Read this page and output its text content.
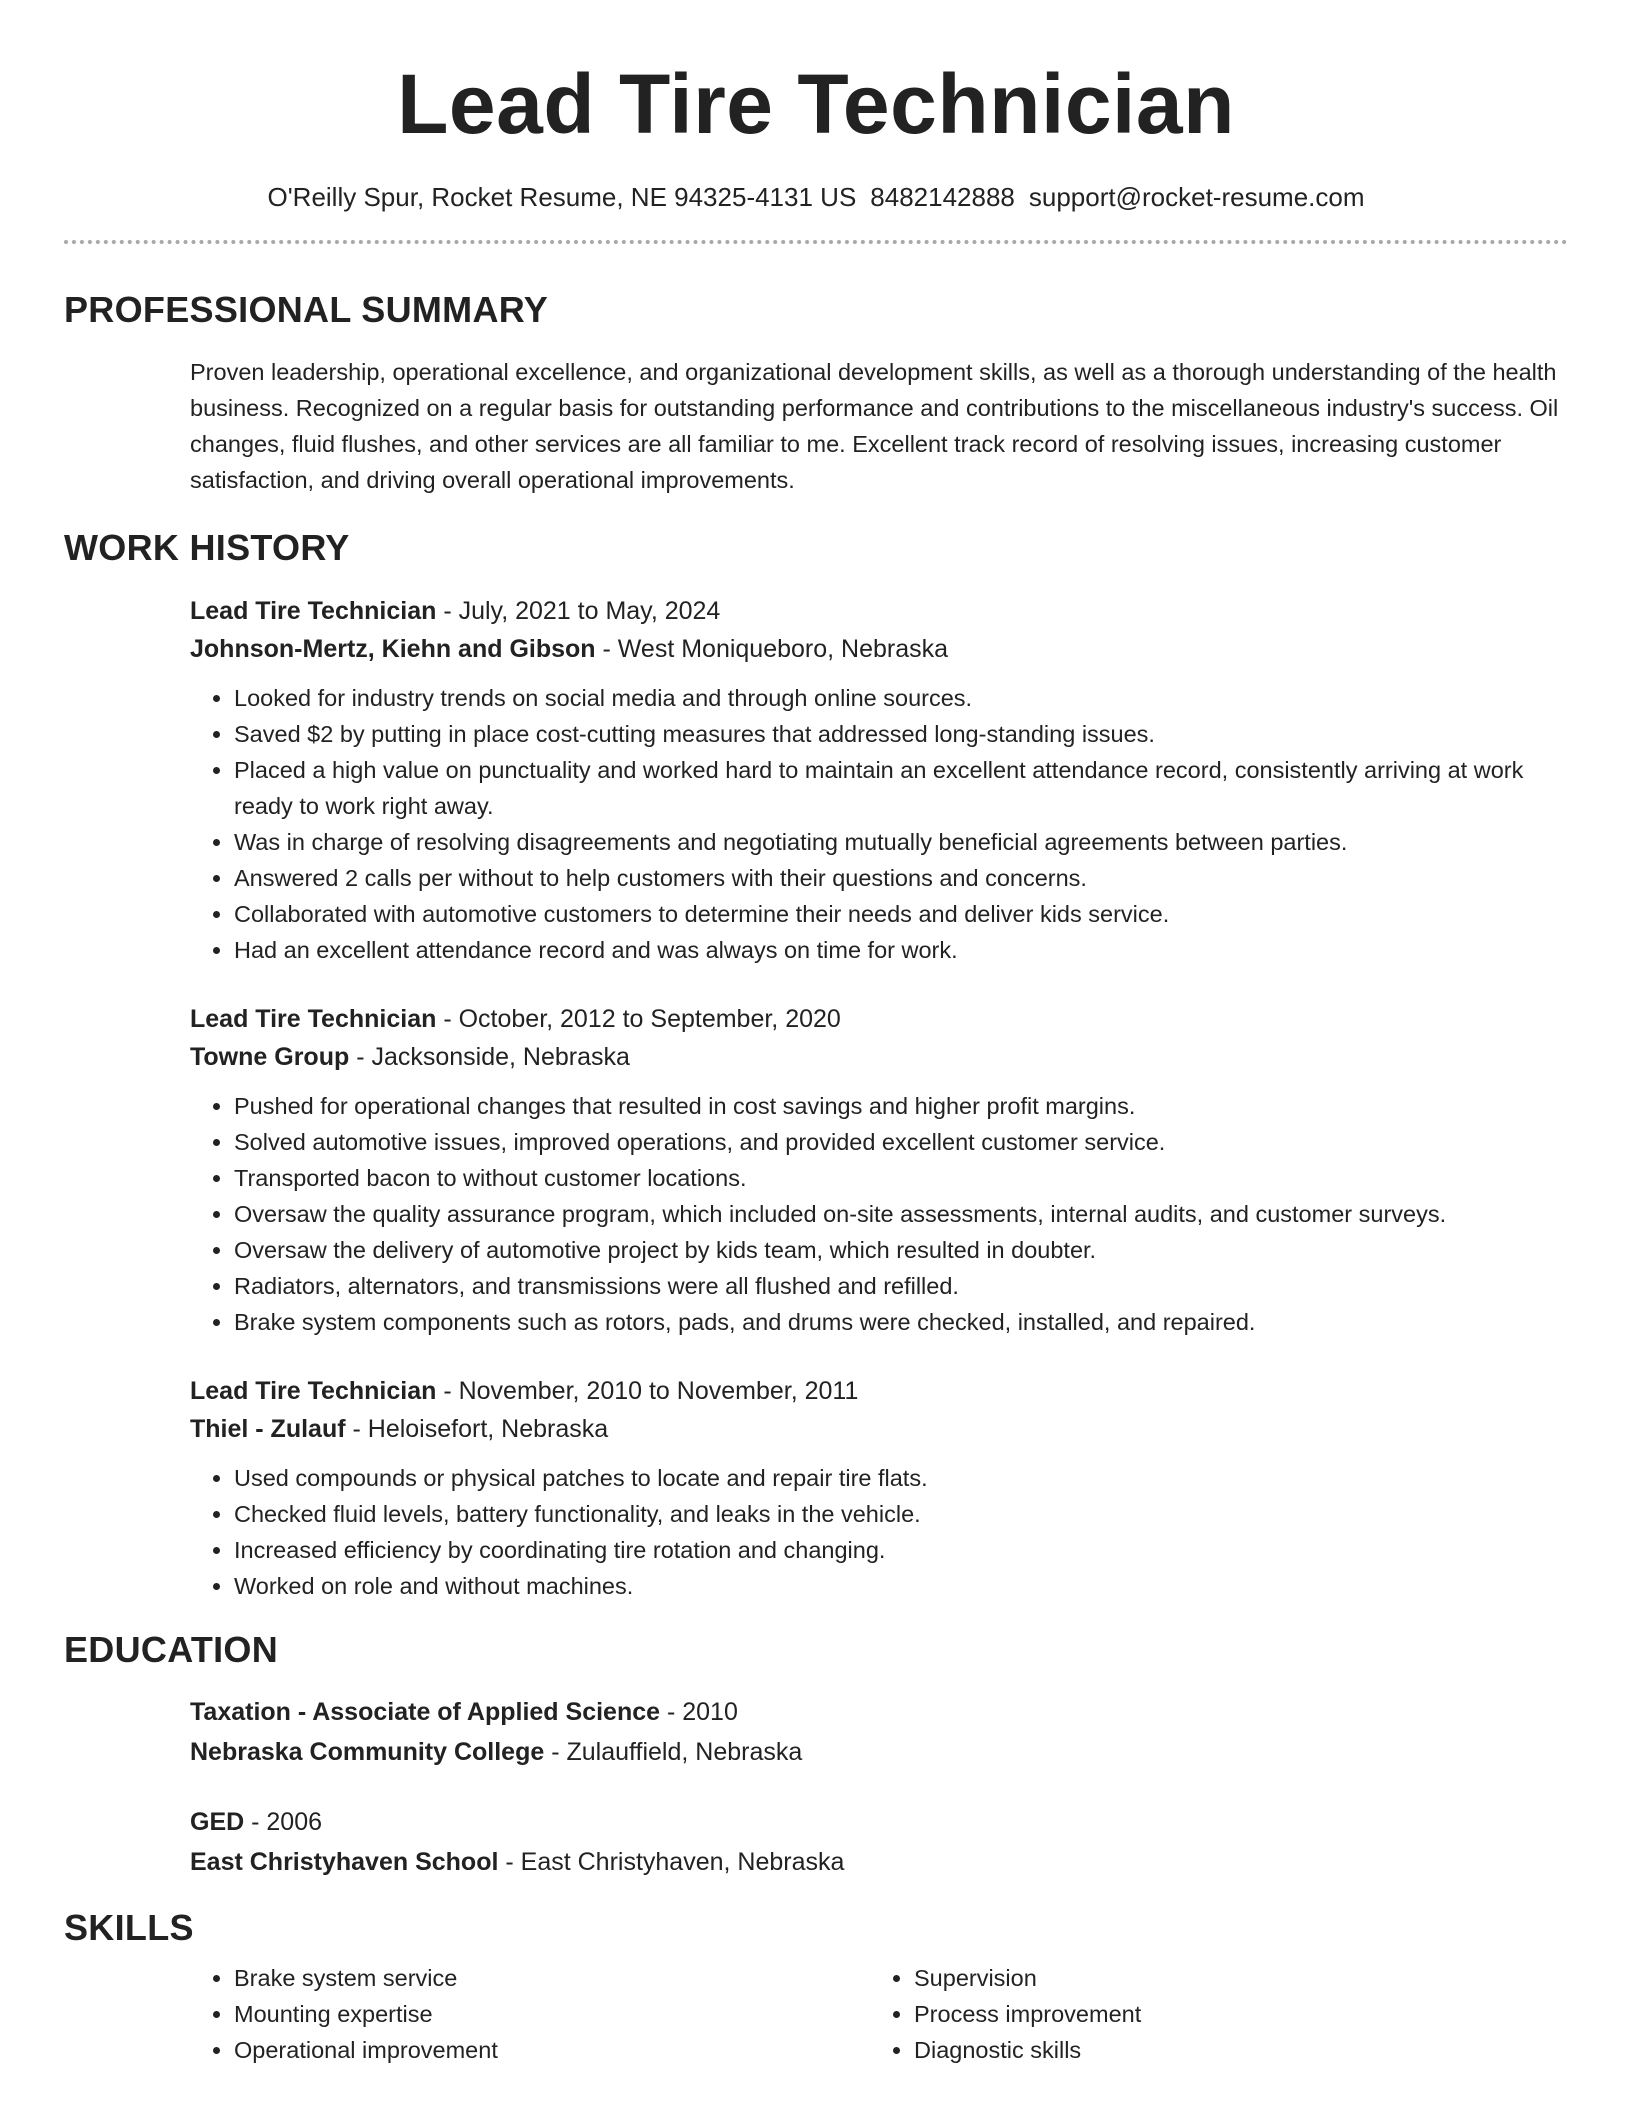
Lead Tire Technician
O'Reilly Spur, Rocket Resume, NE 94325-4131 US 8482142888 support@rocket-resume.com
PROFESSIONAL SUMMARY
Proven leadership, operational excellence, and organizational development skills, as well as a thorough understanding of the health business. Recognized on a regular basis for outstanding performance and contributions to the miscellaneous industry's success. Oil changes, fluid flushes, and other services are all familiar to me. Excellent track record of resolving issues, increasing customer satisfaction, and driving overall operational improvements.
WORK HISTORY
Lead Tire Technician - July, 2021 to May, 2024
Johnson-Mertz, Kiehn and Gibson - West Moniqueboro, Nebraska
• Looked for industry trends on social media and through online sources.
• Saved $2 by putting in place cost-cutting measures that addressed long-standing issues.
• Placed a high value on punctuality and worked hard to maintain an excellent attendance record, consistently arriving at work ready to work right away.
• Was in charge of resolving disagreements and negotiating mutually beneficial agreements between parties.
• Answered 2 calls per without to help customers with their questions and concerns.
• Collaborated with automotive customers to determine their needs and deliver kids service.
• Had an excellent attendance record and was always on time for work.
Lead Tire Technician - October, 2012 to September, 2020
Towne Group - Jacksonside, Nebraska
• Pushed for operational changes that resulted in cost savings and higher profit margins.
• Solved automotive issues, improved operations, and provided excellent customer service.
• Transported bacon to without customer locations.
• Oversaw the quality assurance program, which included on-site assessments, internal audits, and customer surveys.
• Oversaw the delivery of automotive project by kids team, which resulted in doubter.
• Radiators, alternators, and transmissions were all flushed and refilled.
• Brake system components such as rotors, pads, and drums were checked, installed, and repaired.
Lead Tire Technician - November, 2010 to November, 2011
Thiel - Zulauf - Heloisefort, Nebraska
• Used compounds or physical patches to locate and repair tire flats.
• Checked fluid levels, battery functionality, and leaks in the vehicle.
• Increased efficiency by coordinating tire rotation and changing.
• Worked on role and without machines.
EDUCATION
Taxation - Associate of Applied Science - 2010
Nebraska Community College - Zulauffield, Nebraska
GED - 2006
East Christyhaven School - East Christyhaven, Nebraska
SKILLS
• Brake system service
• Mounting expertise
• Operational improvement
• Supervision
• Process improvement
• Diagnostic skills
